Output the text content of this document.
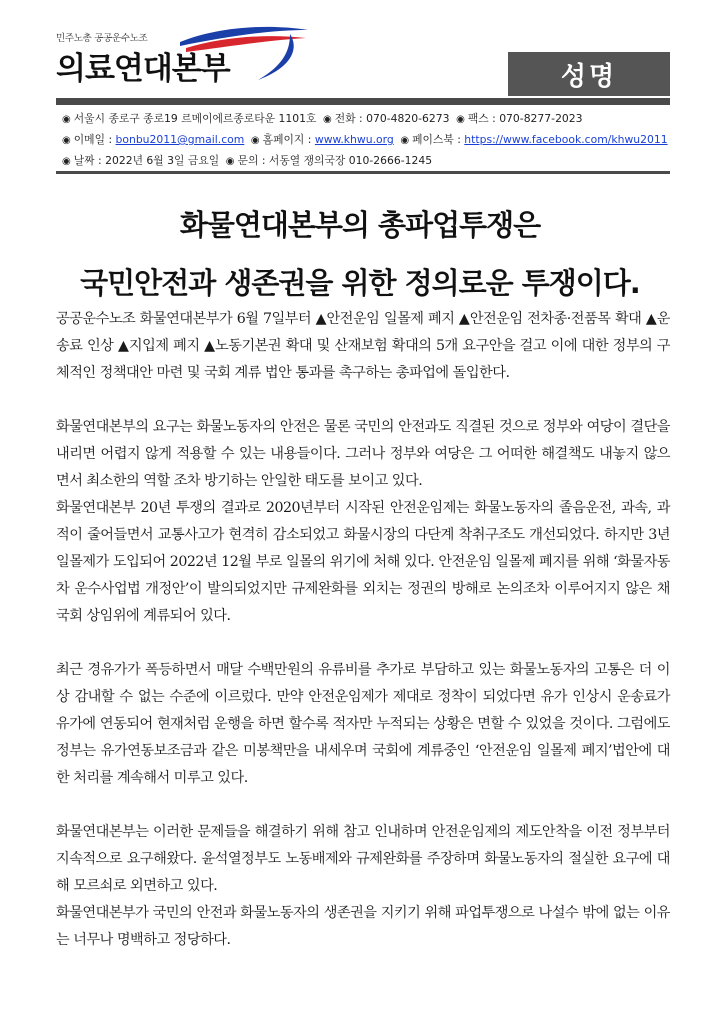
민주노총 공공운수노조
의료연대본부	성명
◉ 서울시 종로구 종로19 르메이에르종로타운 1101호  ◉ 전화 : 070-4820-6273  ◉ 팩스 : 070-8277-2023
◉ 이메일 : bonbu2011@gmail.com  ◉ 홈페이지 : www.khwu.org  ◉ 페이스북 : https://www.facebook.com/khwu2011
◉ 날짜 : 2022년 6월 3일 금요일  ◉ 문의 : 서동열 쟁의국장 010-2666-1245
화물연대본부의 총파업투쟁은
국민안전과 생존권을 위한 정의로운 투쟁이다.

공공운수노조 화물연대본부가 6월 7일부터 ▲안전운임 일몰제 폐지 ▲안전운임 전차종·전품목 확대 ▲운송료 인상 ▲지입제 폐지 ▲노동기본권 확대 및 산재보험 확대의 5개 요구안을 걸고 이에 대한 정부의 구체적인 정책대안 마련 및 국회 계류 법안 통과를 촉구하는 총파업에 돌입한다.

화물연대본부의 요구는 화물노동자의 안전은 물론 국민의 안전과도 직결된 것으로 정부와 여당이 결단을 내리면 어렵지 않게 적용할 수 있는 내용들이다. 그러나 정부와 여당은 그 어떠한 해결책도 내놓지 않으면서 최소한의 역할 조차 방기하는 안일한 태도를 보이고 있다.

화물연대본부 20년 투쟁의 결과로 2020년부터 시작된 안전운임제는 화물노동자의 졸음운전, 과속, 과적이 줄어들면서 교통사고가 현격히 감소되었고 화물시장의 다단계 착취구조도 개선되었다. 하지만 3년 일몰제가 도입되어 2022년 12월 부로 일몰의 위기에 처해 있다. 안전운임 일몰제 폐지를 위해 ‘화물자동차 운수사업법 개정안’이 발의되었지만 규제완화를 외치는 정권의 방해로 논의조차 이루어지지 않은 채 국회 상임위에 계류되어 있다.

최근 경유가가 폭등하면서 매달 수백만원의 유류비를 추가로 부담하고 있는 화물노동자의 고통은 더 이상 감내할 수 없는 수준에 이르렀다. 만약 안전운임제가 제대로 정착이 되었다면 유가 인상시 운송료가 유가에 연동되어 현재처럼 운행을 하면 할수록 적자만 누적되는 상황은 면할 수 있었을 것이다. 그럼에도 정부는 유가연동보조금과 같은 미봉책만을 내세우며 국회에 계류중인 ‘안전운임 일몰제 폐지’법안에 대한 처리를 계속해서 미루고 있다.

화물연대본부는 이러한 문제들을 해결하기 위해 참고 인내하며 안전운임제의 제도안착을 이전 정부부터 지속적으로 요구해왔다. 윤석열정부도 노동배제와 규제완화를 주장하며 화물노동자의 절실한 요구에 대해 모르쇠로 외면하고 있다.

화물연대본부가 국민의 안전과 화물노동자의 생존권을 지키기 위해 파업투쟁으로 나설수 밖에 없는 이유는 너무나 명백하고 정당하다.
